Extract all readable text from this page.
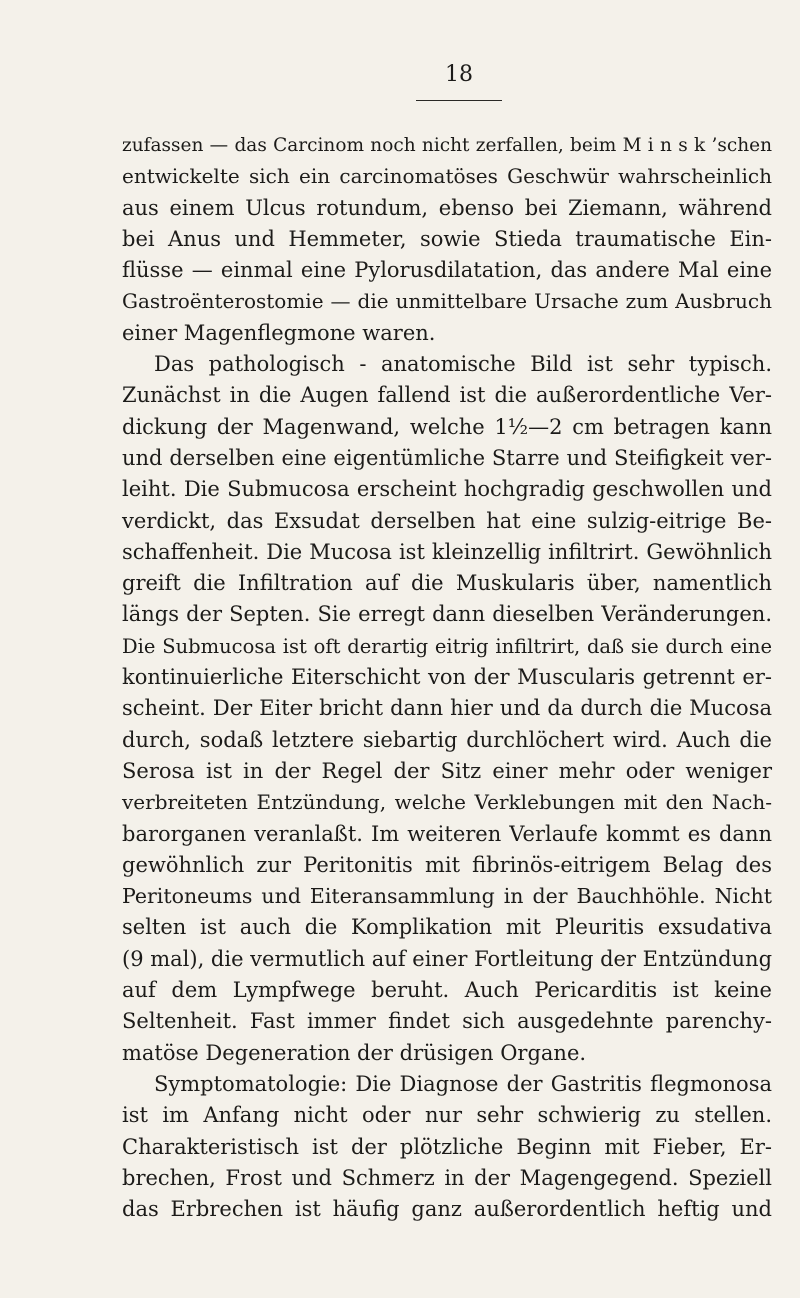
18
zufassen — das Carcinom noch nicht zerfallen, beim M i n s k ’schen
entwickelte sich ein carcinomatöses Geschwür wahrscheinlich
aus einem Ulcus rotundum, ebenso bei Ziemann, während
bei Anus und Hemmeter, sowie Stieda traumatische Ein-
flüsse — einmal eine Pylorusdilatation, das andere Mal eine
Gastroënterostomie — die unmittelbare Ursache zum Ausbruch
einer Magenflegmone waren.
Das pathologisch - anatomische Bild ist sehr typisch.
Zunächst in die Augen fallend ist die außerordentliche Ver-
dickung der Magenwand, welche 1½—2 cm betragen kann
und derselben eine eigentümliche Starre und Steifigkeit ver-
leiht. Die Submucosa erscheint hochgradig geschwollen und
verdickt, das Exsudat derselben hat eine sulzig-eitrige Be-
schaffenheit. Die Mucosa ist kleinzellig infiltrirt. Gewöhnlich
greift die Infiltration auf die Muskularis über, namentlich
längs der Septen. Sie erregt dann dieselben Veränderungen.
Die Submucosa ist oft derartig eitrig infiltrirt, daß sie durch eine
kontinuierliche Eiterschicht von der Muscularis getrennt er-
scheint. Der Eiter bricht dann hier und da durch die Mucosa
durch, sodaß letztere siebartig durchlöchert wird. Auch die
Serosa ist in der Regel der Sitz einer mehr oder weniger
verbreiteten Entzündung, welche Verklebungen mit den Nach-
barorganen veranlaßt. Im weiteren Verlaufe kommt es dann
gewöhnlich zur Peritonitis mit fibrinös-eitrigem Belag des
Peritoneums und Eiteransammlung in der Bauchhöhle. Nicht
selten ist auch die Komplikation mit Pleuritis exsudativa
(9 mal), die vermutlich auf einer Fortleitung der Entzündung
auf dem Lympfwege beruht. Auch Pericarditis ist keine
Seltenheit. Fast immer findet sich ausgedehnte parenchy-
matöse Degeneration der drüsigen Organe.
Symptomatologie: Die Diagnose der Gastritis flegmonosa
ist im Anfang nicht oder nur sehr schwierig zu stellen.
Charakteristisch ist der plötzliche Beginn mit Fieber, Er-
brechen, Frost und Schmerz in der Magengegend. Speziell
das Erbrechen ist häufig ganz außerordentlich heftig und
